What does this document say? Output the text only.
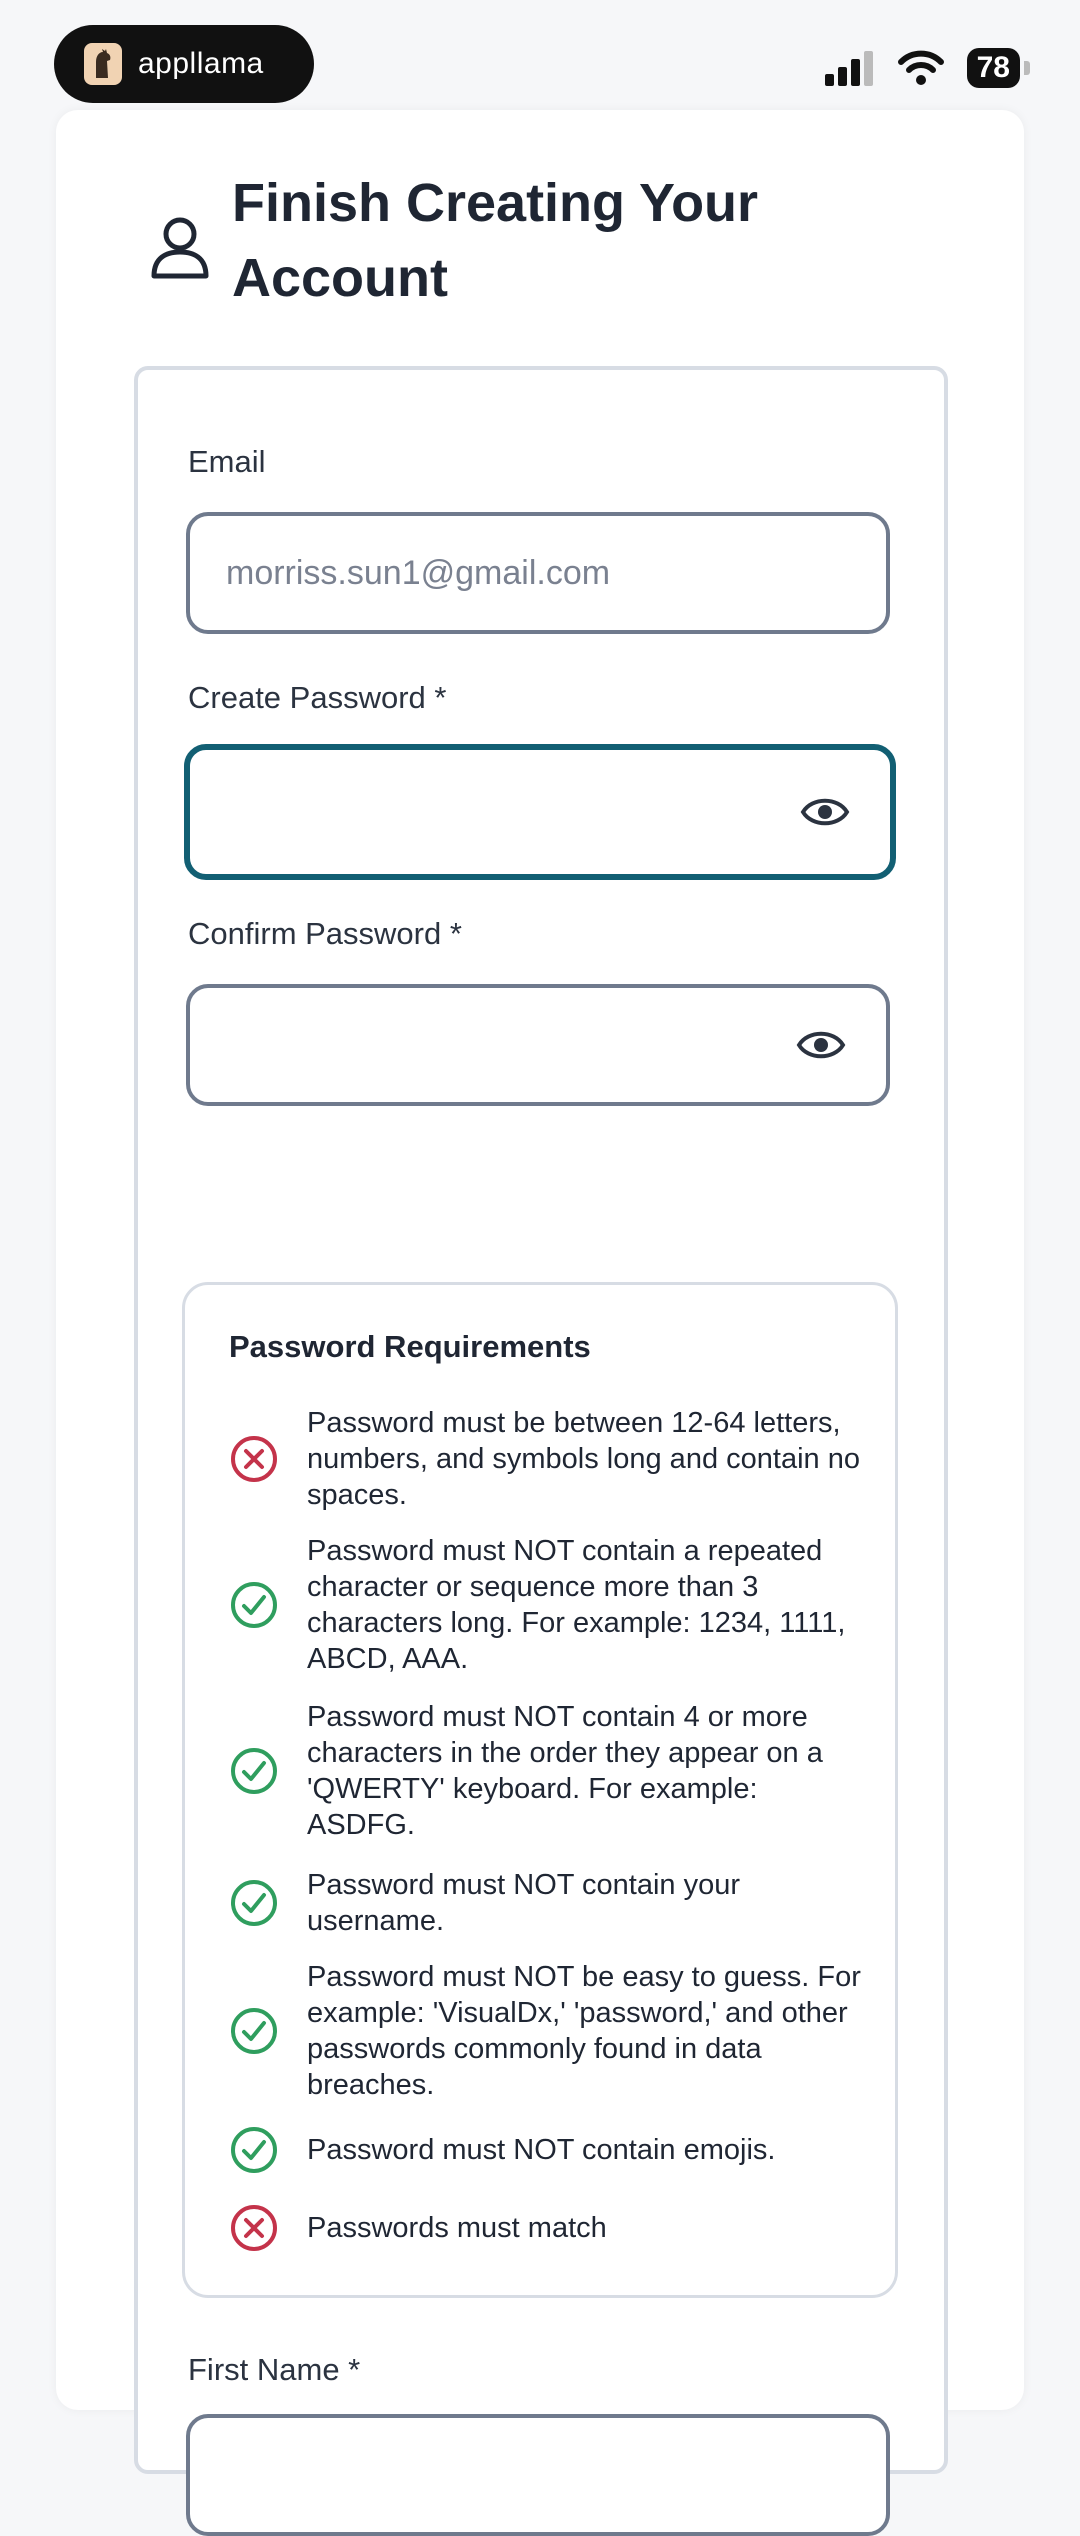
appllama	78
Finish Creating Your Account
Email
morriss.sun1@gmail.com
Create Password *
Confirm Password *
Password Requirements
Password must be between 12-64 letters, numbers, and symbols long and contain no spaces.
Password must NOT contain a repeated character or sequence more than 3 characters long. For example: 1234, 1111, ABCD, AAA.
Password must NOT contain 4 or more characters in the order they appear on a 'QWERTY' keyboard. For example: ASDFG.
Password must NOT contain your username.
Password must NOT be easy to guess. For example: 'VisualDx,' 'password,' and other passwords commonly found in data breaches.
Password must NOT contain emojis.
Passwords must match
First Name *
